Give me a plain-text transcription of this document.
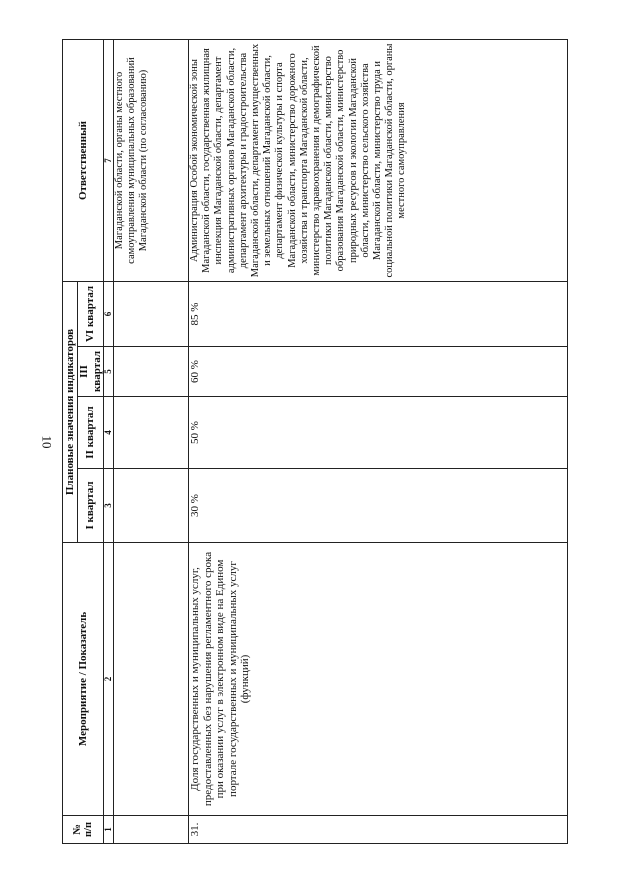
10
№
п/п	Мероприятие / Показатель	Плановые значения индикаторов				Ответственный
		I квартал	II квартал	III квартал	VI квартал	
1	2	3	4	5	6	7
						Магаданской области, органы местного самоуправления муниципальных образований Магаданской области (по согласованию)
31.	Доля государственных и муниципальных услуг, предоставленных без нарушения регламентного срока при оказании услуг в электронном виде на Едином портале государственных и муниципальных услуг (функций)	30 %	50 %	60 %	85 %	Администрация Особой экономической зоны Магаданской области, государственная жилищная инспекция Магаданской области, департамент административных органов Магаданской области, департамент архитектуры и градостроительства Магаданской области, департамент имущественных и земельных отношений Магаданской области, департамент физической культуры и спорта Магаданской области, министерство дорожного хозяйства и транспорта Магаданской области, министерство здравоохранения и демографической политики Магаданской области, министерство образования Магаданской области, министерство природных ресурсов и экологии Магаданской области, министерство сельского хозяйства Магаданской области, министерство труда и социальной политики Магаданской области, органы местного самоуправления
